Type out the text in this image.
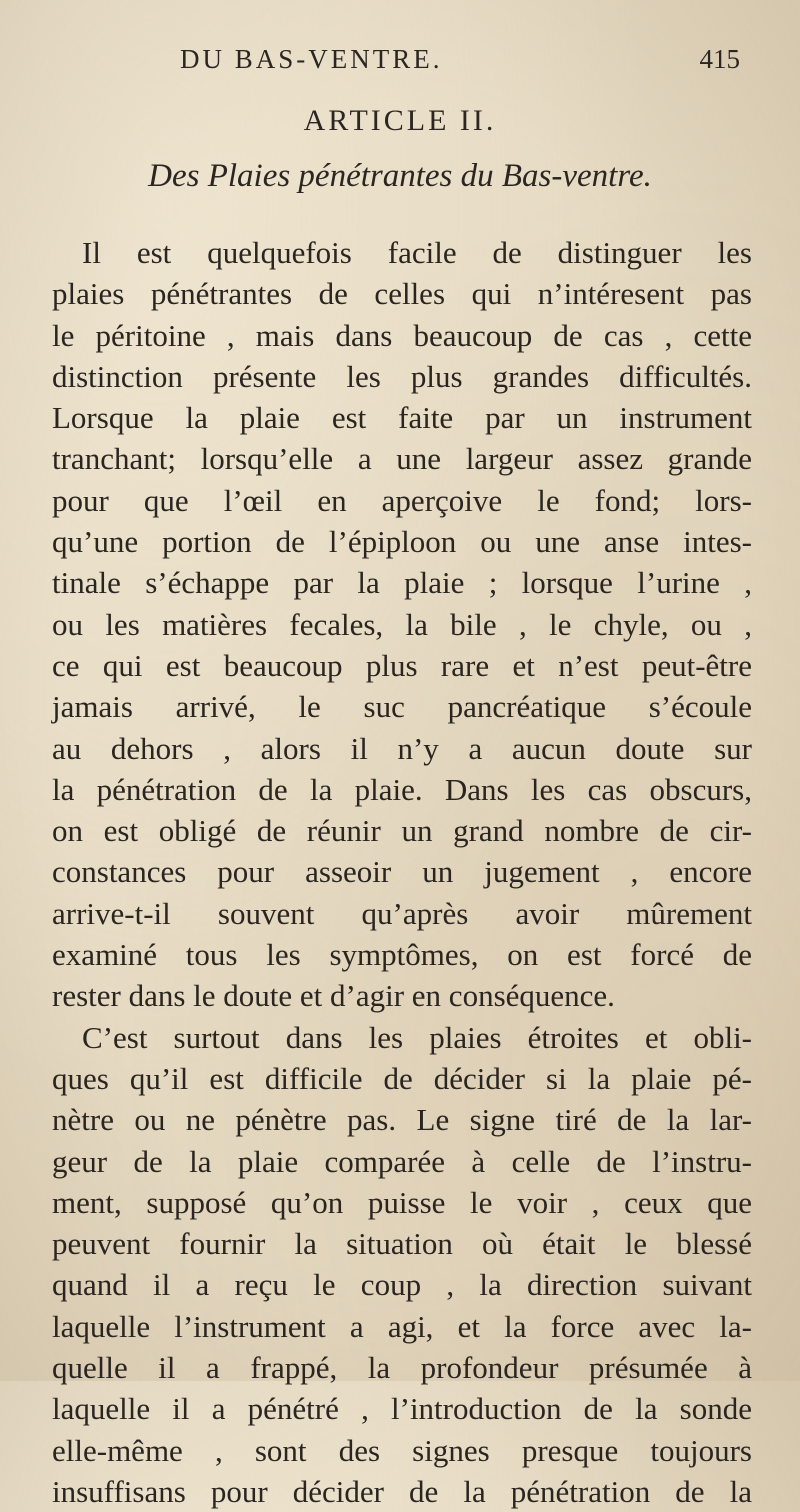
DU BAS-VENTRE.	415
ARTICLE II.
Des Plaies pénétrantes du Bas-ventre.
Il est quelquefois facile de distinguer les
plaies pénétrantes de celles qui n’intéresent pas
le péritoine , mais dans beaucoup de cas , cette
distinction présente les plus grandes difficultés.
Lorsque la plaie est faite par un instrument
tranchant; lorsqu’elle a une largeur assez grande
pour que l’œil en aperçoive le fond; lors-
qu’une portion de l’épiploon ou une anse intes-
tinale s’échappe par la plaie ; lorsque l’urine ,
ou les matières fecales, la bile , le chyle, ou ,
ce qui est beaucoup plus rare et n’est peut-être
jamais arrivé, le suc pancréatique s’écoule
au dehors , alors il n’y a aucun doute sur
la pénétration de la plaie. Dans les cas obscurs,
on est obligé de réunir un grand nombre de cir-
constances pour asseoir un jugement , encore
arrive-t-il souvent qu’après avoir mûrement
examiné tous les symptômes, on est forcé de
rester dans le doute et d’agir en conséquence.
C’est surtout dans les plaies étroites et obli-
ques qu’il est difficile de décider si la plaie pé-
nètre ou ne pénètre pas. Le signe tiré de la lar-
geur de la plaie comparée à celle de l’instru-
ment, supposé qu’on puisse le voir , ceux que
peuvent fournir la situation où était le blessé
quand il a reçu le coup , la direction suivant
laquelle l’instrument a agi, et la force avec la-
quelle il a frappé, la profondeur présumée à
laquelle il a pénétré , l’introduction de la sonde
elle-même , sont des signes presque toujours
insuffisans pour décider de la pénétration de la
